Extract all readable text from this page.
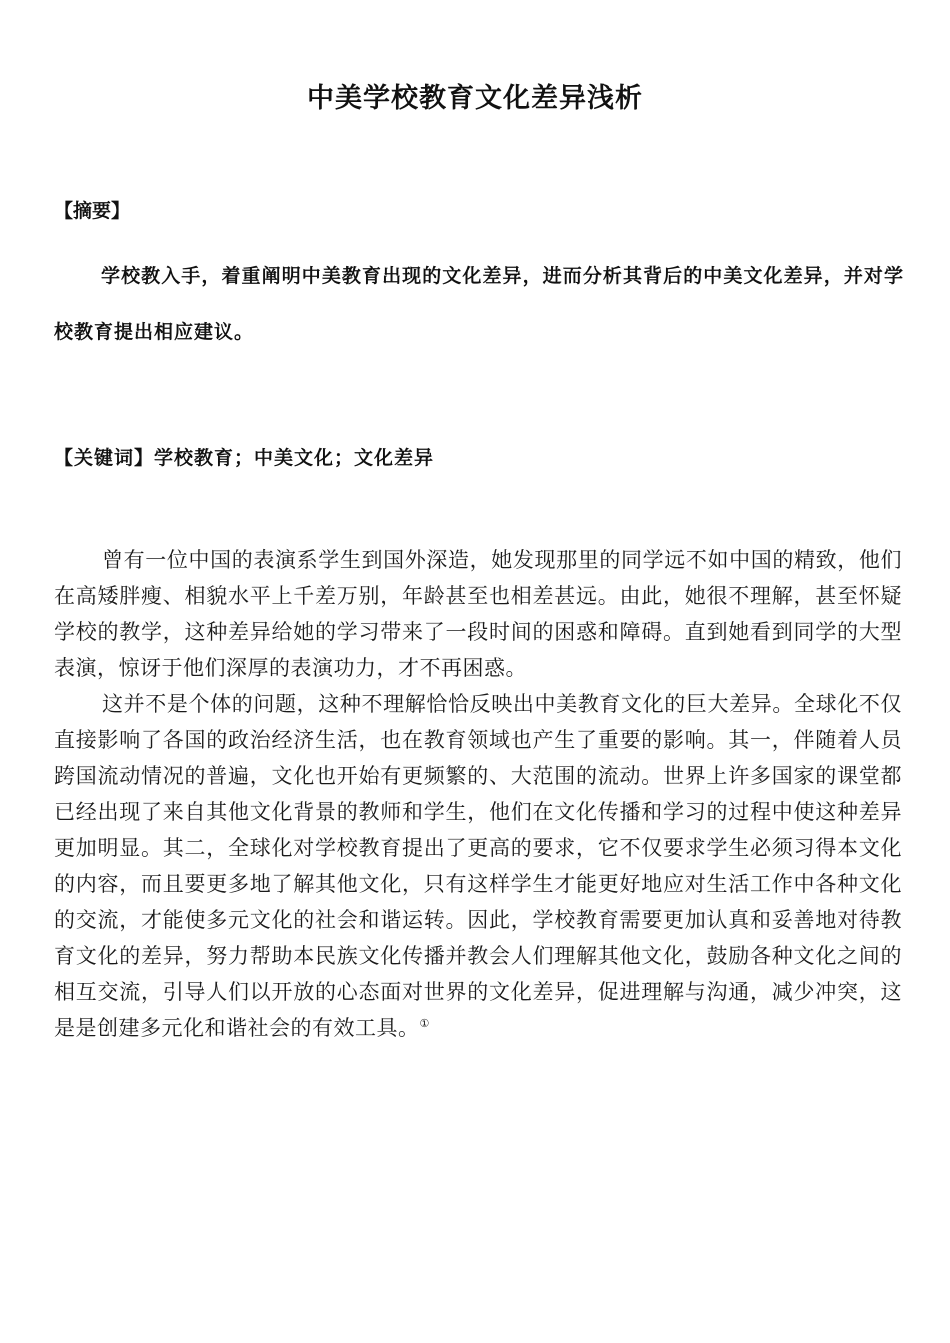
中美学校教育文化差异浅析
【摘要】

学校教入手，着重阐明中美教育出现的文化差异，进而分析其背后的中美文化差异，并对学校教育提出相应建议。

【关键词】学校教育；中美文化；文化差异

曾有一位中国的表演系学生到国外深造，她发现那里的同学远不如中国的精致，他们在高矮胖瘦、相貌水平上千差万别，年龄甚至也相差甚远。由此，她很不理解，甚至怀疑学校的教学，这种差异给她的学习带来了一段时间的困惑和障碍。直到她看到同学的大型表演，惊讶于他们深厚的表演功力，才不再困惑。

这并不是个体的问题，这种不理解恰恰反映出中美教育文化的巨大差异。全球化不仅直接影响了各国的政治经济生活，也在教育领域也产生了重要的影响。其一，伴随着人员跨国流动情况的普遍，文化也开始有更频繁的、大范围的流动。世界上许多国家的课堂都已经出现了来自其他文化背景的教师和学生，他们在文化传播和学习的过程中使这种差异更加明显。其二，全球化对学校教育提出了更高的要求，它不仅要求学生必须习得本文化的内容，而且要更多地了解其他文化，只有这样学生才能更好地应对生活工作中各种文化的交流，才能使多元文化的社会和谐运转。因此，学校教育需要更加认真和妥善地对待教育文化的差异，努力帮助本民族文化传播并教会人们理解其他文化，鼓励各种文化之间的相互交流，引导人们以开放的心态面对世界的文化差异，促进理解与沟通，减少冲突，这是是创建多元化和谐社会的有效工具。①
